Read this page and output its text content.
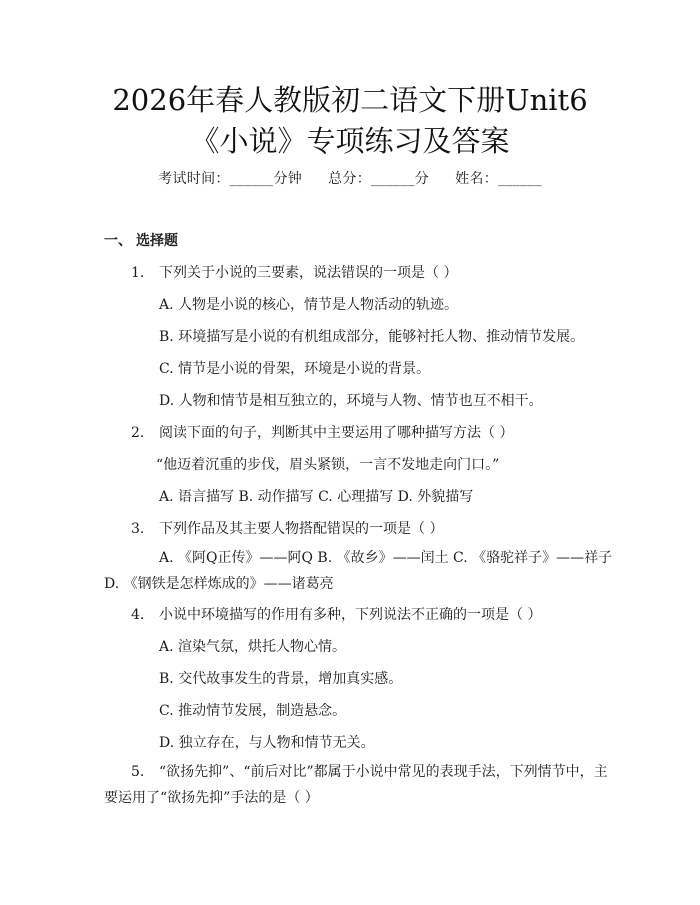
2026年春人教版初二语文下册Unit6《小说》专项练习及答案
考试时间：______分钟 总分：______分 姓名：______
一、 选择题
1. 下列关于小说的三要素，说法错误的一项是（ ）
A. 人物是小说的核心，情节是人物活动的轨迹。
B. 环境描写是小说的有机组成部分，能够衬托人物、推动情节发展。
C. 情节是小说的骨架，环境是小说的背景。
D. 人物和情节是相互独立的，环境与人物、情节也互不相干。
2. 阅读下面的句子，判断其中主要运用了哪种描写方法（ ）
“他迈着沉重的步伐，眉头紧锁，一言不发地走向门口。”
A. 语言描写 B. 动作描写 C. 心理描写 D. 外貌描写
3. 下列作品及其主要人物搭配错误的一项是（ ）
A. 《阿Q正传》——阿Q B. 《故乡》——闰土 C. 《骆驼祥子》——祥子 D. 《钢铁是怎样炼成的》——诸葛亮
4. 小说中环境描写的作用有多种，下列说法不正确的一项是（ ）
A. 渲染气氛，烘托人物心情。
B. 交代故事发生的背景，增加真实感。
C. 推动情节发展，制造悬念。
D. 独立存在，与人物和情节无关。
5. “欲扬先抑”、“前后对比”都属于小说中常见的表现手法，下列情节中，主要运用了“欲扬先抑”手法的是（ ）
